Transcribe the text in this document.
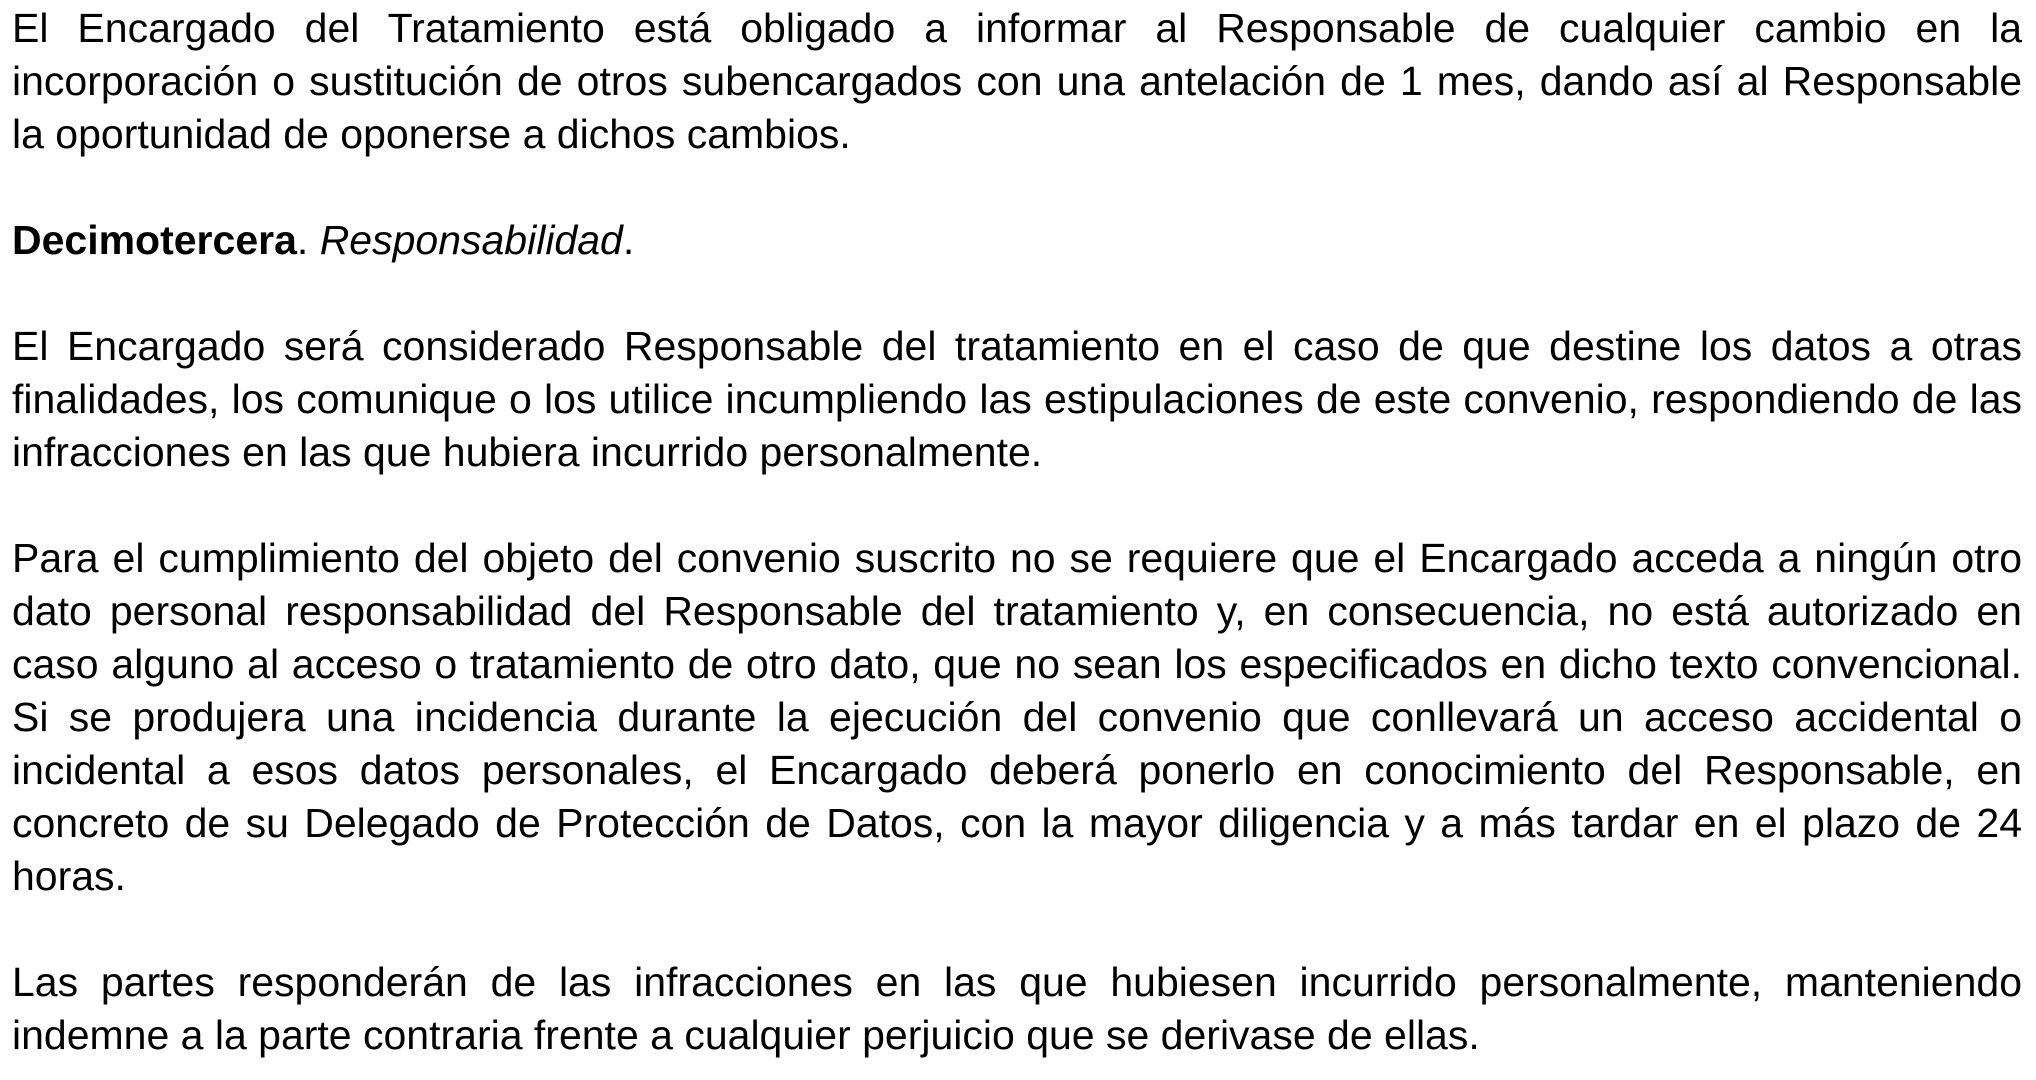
El Encargado del Tratamiento está obligado a informar al Responsable de cualquier cambio en la incorporación o sustitución de otros subencargados con una antelación de 1 mes, dando así al Responsable la oportunidad de oponerse a dichos cambios.

Decimotercera. Responsabilidad.

El Encargado será considerado Responsable del tratamiento en el caso de que destine los datos a otras finalidades, los comunique o los utilice incumpliendo las estipulaciones de este convenio, respondiendo de las infracciones en las que hubiera incurrido personalmente.

Para el cumplimiento del objeto del convenio suscrito no se requiere que el Encargado acceda a ningún otro dato personal responsabilidad del Responsable del tratamiento y, en consecuencia, no está autorizado en caso alguno al acceso o tratamiento de otro dato, que no sean los especificados en dicho texto convencional. Si se produjera una incidencia durante la ejecución del convenio que conllevará un acceso accidental o incidental a esos datos personales, el Encargado deberá ponerlo en conocimiento del Responsable, en concreto de su Delegado de Protección de Datos, con la mayor diligencia y a más tardar en el plazo de 24 horas.

Las partes responderán de las infracciones en las que hubiesen incurrido personalmente, manteniendo indemne a la parte contraria frente a cualquier perjuicio que se derivase de ellas.
